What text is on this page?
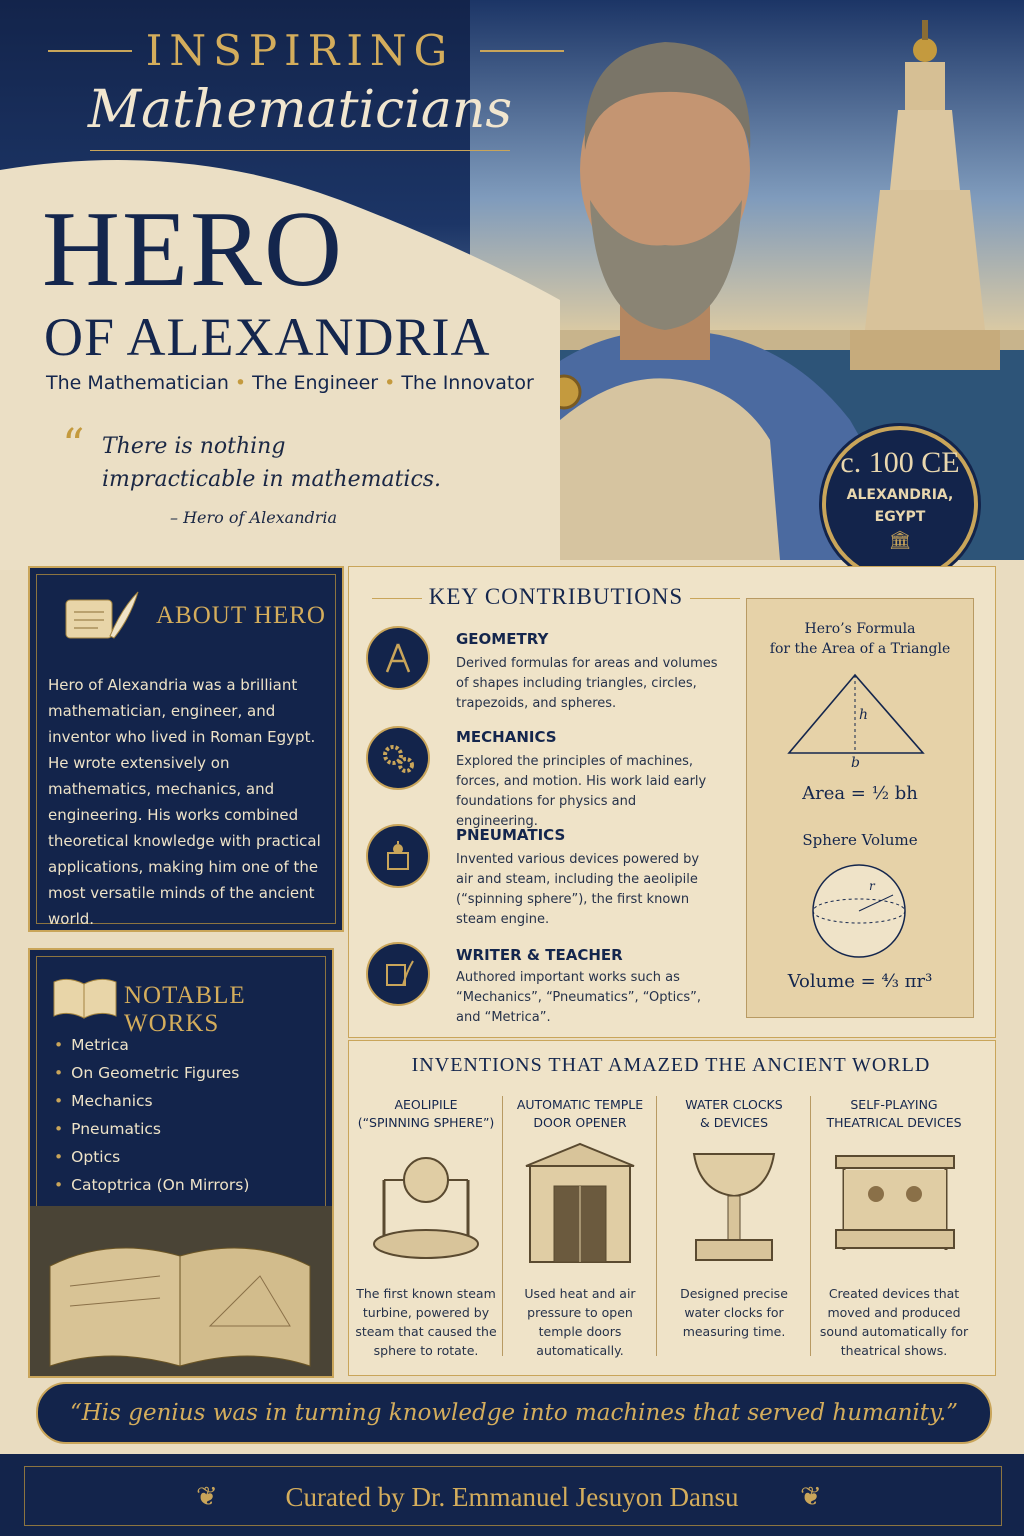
INSPIRING
Mathematicians
HERO
OF ALEXANDRIA
The Mathematician • The Engineer • The Innovator
“ There is nothing impracticable in mathematics.
– Hero of Alexandria
c. 100 CE
ALEXANDRIA,
EGYPT
🏛
ABOUT HERO
Hero of Alexandria was a brilliant mathematician, engineer, and inventor who lived in Roman Egypt. He wrote extensively on mathematics, mechanics, and engineering. His works combined theoretical knowledge with practical applications, making him one of the most versatile minds of the ancient world.
NOTABLE WORKS
• Metrica
• On Geometric Figures
• Mechanics
• Pneumatics
• Optics
• Catoptrica (On Mirrors)
KEY CONTRIBUTIONS
GEOMETRY
Derived formulas for areas and volumes of shapes including triangles, circles, trapezoids, and spheres.
MECHANICS
Explored the principles of machines, forces, and motion. His work laid early foundations for physics and engineering.
PNEUMATICS
Invented various devices powered by air and steam, including the aeolipile (“spinning sphere”), the first known steam engine.
WRITER & TEACHER
Authored important works such as “Mechanics”, “Pneumatics”, “Optics”, and “Metrica”.
Hero’s Formula
for the Area of a Triangle
h
b
Area = ½ bh
Sphere Volume
r
Volume = ⁴⁄₃ πr³
INVENTIONS THAT AMAZED THE ANCIENT WORLD
AEOLIPILE
(“SPINNING SPHERE”)
The first known steam turbine, powered by steam that caused the sphere to rotate.
AUTOMATIC TEMPLE
DOOR OPENER
Used heat and air pressure to open temple doors automatically.
WATER CLOCKS
& DEVICES
Designed precise water clocks for measuring time.
SELF-PLAYING
THEATRICAL DEVICES
Created devices that moved and produced sound automatically for theatrical shows.
“His genius was in turning knowledge into machines that served humanity.”
❦	❦
Curated by Dr. Emmanuel Jesuyon Dansu
